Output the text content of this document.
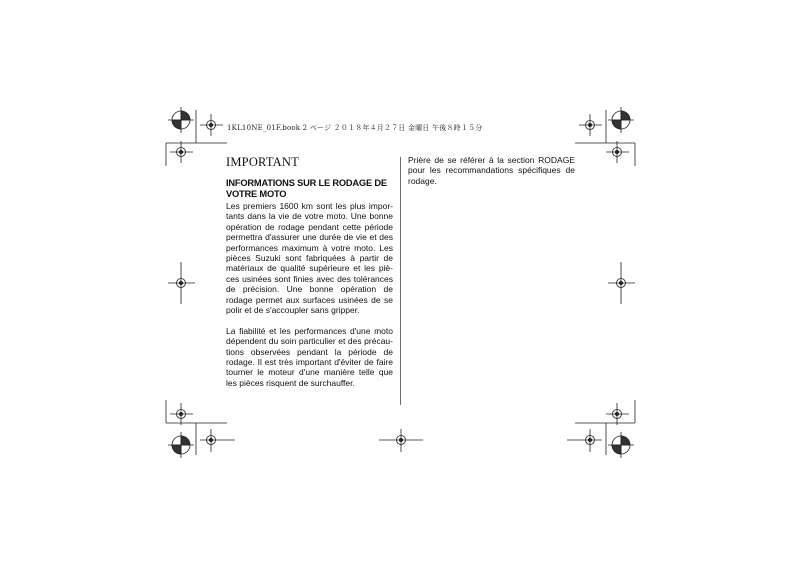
1KL10NE_01F.book 2 ページ ２０１８年４月２７日 金曜日 午後８時１５分
IMPORTANT
INFORMATIONS SUR LE RODAGE DE
VOTRE MOTO

Les premiers 1600 km sont les plus importants dans la vie de votre moto. Une bonne opération de rodage pendant cette période permettra d'assurer une durée de vie et des performances maximum à votre moto. Les pièces Suzuki sont fabriquées à partir de matériaux de qualité supérieure et les pièces usinées sont finies avec des tolérances de précision. Une bonne opération de rodage permet aux surfaces usinées de se polir et de s'accoupler sans gripper.

La fiabilité et les performances d'une moto dépendent du soin particulier et des précautions observées pendant la période de rodage. Il est très important d'éviter de faire tourner le moteur d'une manière telle que les pièces risquent de surchauffer.

Prière de se référer à la section RODAGE pour les recommandations spécifiques de rodage.
